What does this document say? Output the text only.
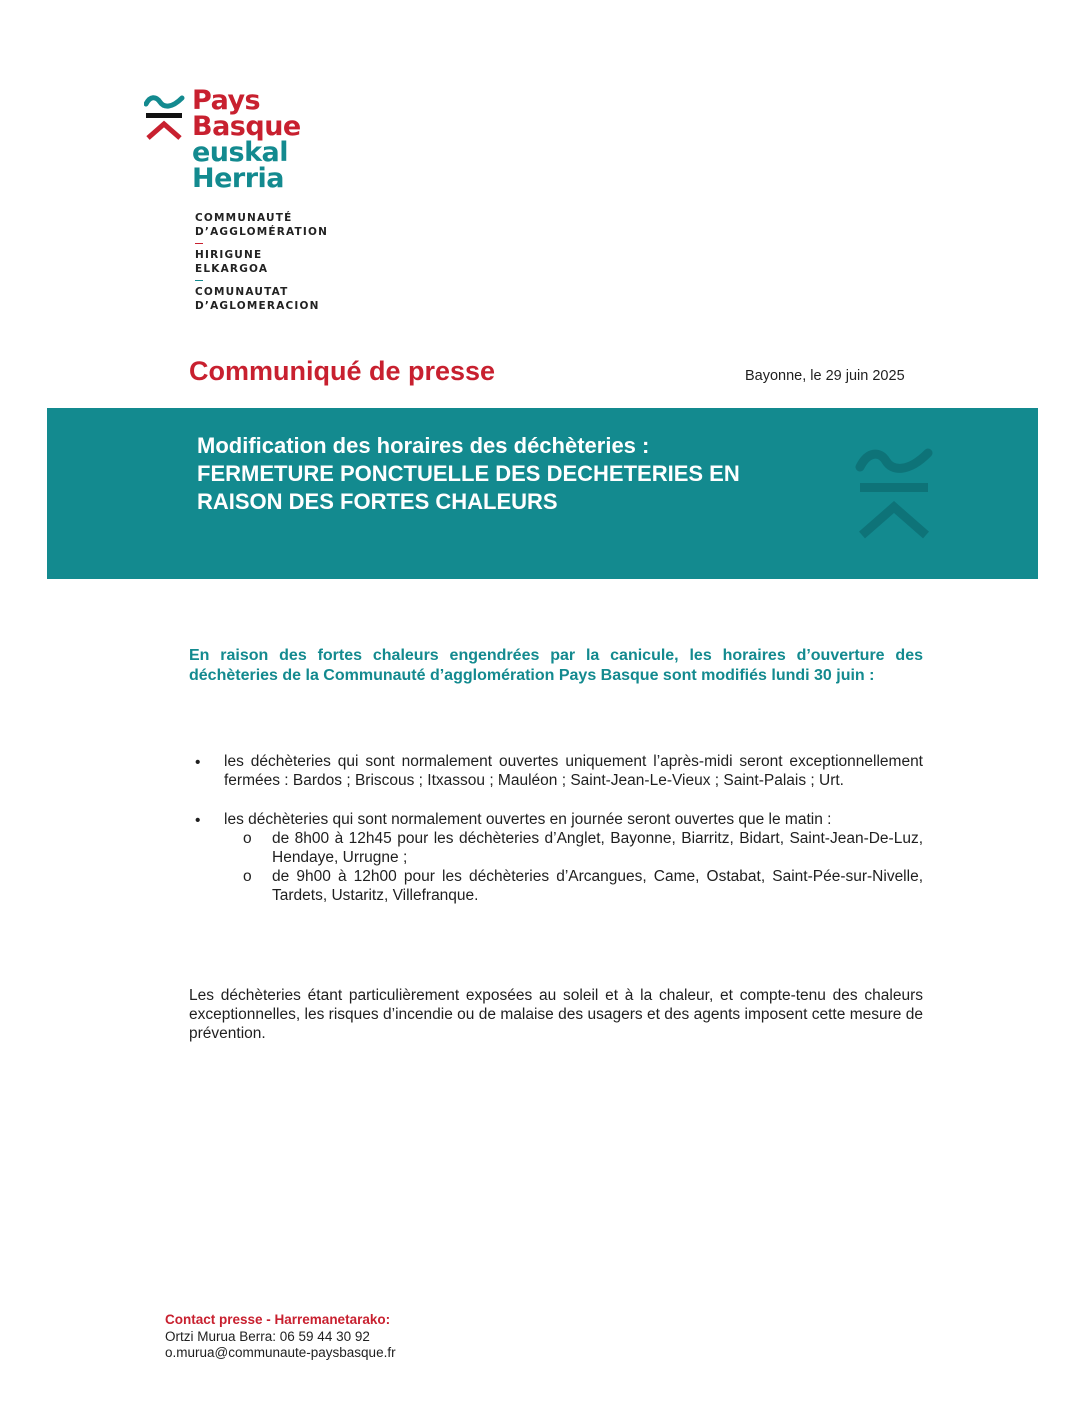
Pays
Basque
euskal
Herria
COMMUNAUTÉ
D’AGGLOMÉRATION
HIRIGUNE
ELKARGOA
COMUNAUTAT
D’AGLOMERACION
Communiqué de presse	Bayonne, le 29 juin 2025
Modification des horaires des déchèteries :
FERMETURE PONCTUELLE DES DECHETERIES EN
RAISON DES FORTES CHALEURS
En raison des fortes chaleurs engendrées par la canicule, les horaires d’ouverture des déchèteries de la Communauté d’agglomération Pays Basque sont modifiés lundi 30 juin :
• les déchèteries qui sont normalement ouvertes uniquement l’après-midi seront exceptionnellement fermées : Bardos ; Briscous ; Itxassou ; Mauléon ; Saint-Jean-Le-Vieux ; Saint-Palais ; Urt.
• les déchèteries qui sont normalement ouvertes en journée seront ouvertes que le matin :
o de 8h00 à 12h45 pour les déchèteries d’Anglet, Bayonne, Biarritz, Bidart, Saint-Jean-De-Luz, Hendaye, Urrugne ;
o de 9h00 à 12h00 pour les déchèteries d’Arcangues, Came, Ostabat, Saint-Pée-sur-Nivelle, Tardets, Ustaritz, Villefranque.
Les déchèteries étant particulièrement exposées au soleil et à la chaleur, et compte-tenu des chaleurs exceptionnelles, les risques d’incendie ou de malaise des usagers et des agents imposent cette mesure de prévention.
Contact presse - Harremanetarako:
Ortzi Murua Berra: 06 59 44 30 92
o.murua@communaute-paysbasque.fr
